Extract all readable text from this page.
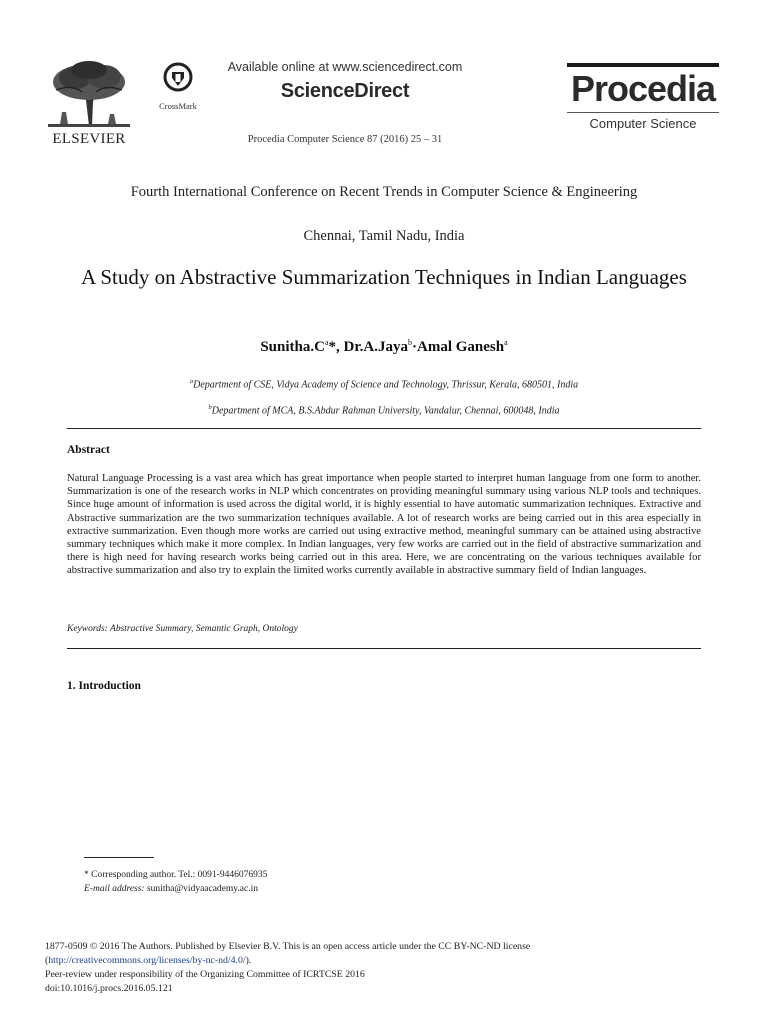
ELSEVIER
CrossMark
Available online at www.sciencedirect.com
ScienceDirect
Procedia Computer Science 87 (2016) 25 – 31
Procedia
Computer Science
Fourth International Conference on Recent Trends in Computer Science & Engineering
Chennai, Tamil Nadu, India
A Study on Abstractive Summarization Techniques in Indian Languages
$Sunitha.C^a*$, Dr.A.Jaya$^b$·Amal Ganesh$^a$
$^a$Department of CSE, Vidya Academy of Science and Technology, Thrissur, Kerala, 680501, India
$^b$Department of MCA, B.S.Abdur Rahman University, Vandalur, Chennai, 600048, India
Abstract
Natural Language Processing is a vast area which has great importance when people started to interpret human language from one form to another. Summarization is one of the research works in NLP which concentrates on providing meaningful summary using various NLP tools and techniques. Since huge amount of information is used across the digital world, it is highly essential to have automatic summarization techniques. Extractive and Abstractive summarization are the two summarization techniques available. A lot of research works are being carried out in this area especially in extractive summarization. Even though more works are carried out using extractive method, meaningful summary can be attained using abstractive summary techniques which make it more complex. In Indian languages, very few works are carried out in the field of abstractive summarization and there is high need for having research works being carried out in this area. Here, we are concentrating on the various techniques available for abstractive summarization and also try to explain the limited works currently available in abstractive summary field of Indian languages.
Keywords: Abstractive Summary, Semantic Graph, Ontology
1. Introduction
* Corresponding author. Tel.: 0091-9446076935
E-mail address: sunitha@vidyaacademy.ac.in
1877-0509 © 2016 The Authors. Published by Elsevier B.V. This is an open access article under the CC BY-NC-ND license
(http://creativecommons.org/licenses/by-nc-nd/4.0/).
Peer-review under responsibility of the Organizing Committee of ICRTCSE 2016
doi:10.1016/j.procs.2016.05.121
